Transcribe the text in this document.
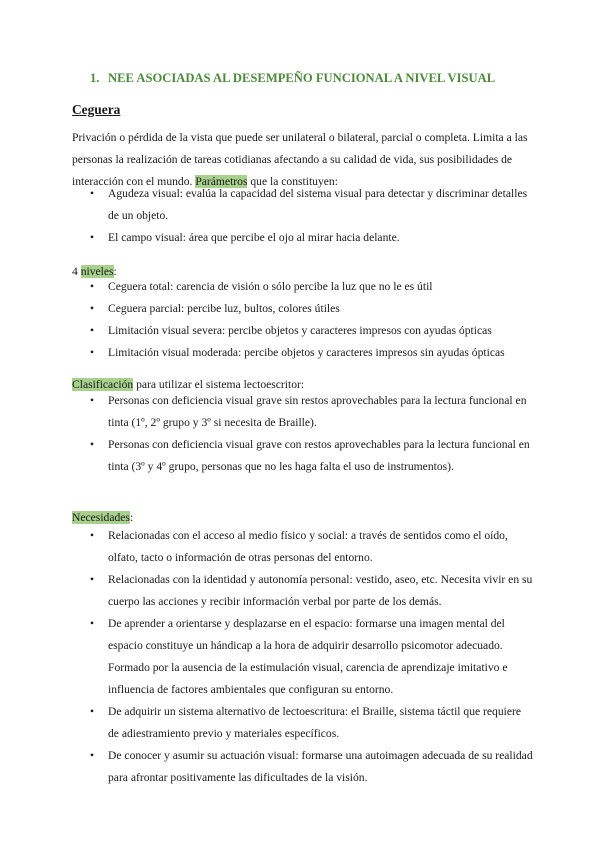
1. NEE ASOCIADAS AL DESEMPEÑO FUNCIONAL A NIVEL VISUAL
Ceguera

Privación o pérdida de la vista que puede ser unilateral o bilateral, parcial o completa. Limita a las personas la realización de tareas cotidianas afectando a su calidad de vida, sus posibilidades de interacción con el mundo. Parámetros que la constituyen:

• Agudeza visual: evalúa la capacidad del sistema visual para detectar y discriminar detalles de un objeto.
• El campo visual: área que percibe el ojo al mirar hacia delante.

4 niveles:

• Ceguera total: carencia de visión o sólo percibe la luz que no le es útil
• Ceguera parcial: percibe luz, bultos, colores útiles
• Limitación visual severa: percibe objetos y caracteres impresos con ayudas ópticas
• Limitación visual moderada: percibe objetos y caracteres impresos sin ayudas ópticas

Clasificación para utilizar el sistema lectoescritor:

• Personas con deficiencia visual grave sin restos aprovechables para la lectura funcional en tinta (1º, 2º grupo y 3º si necesita de Braille).
• Personas con deficiencia visual grave con restos aprovechables para la lectura funcional en tinta (3º y 4º grupo, personas que no les haga falta el uso de instrumentos).

Necesidades:

• Relacionadas con el acceso al medio físico y social: a través de sentidos como el oído, olfato, tacto o información de otras personas del entorno.
• Relacionadas con la identidad y autonomía personal: vestido, aseo, etc. Necesita vivir en su cuerpo las acciones y recibir información verbal por parte de los demás.
• De aprender a orientarse y desplazarse en el espacio: formarse una imagen mental del espacio constituye un hándicap a la hora de adquirir desarrollo psicomotor adecuado. Formado por la ausencia de la estimulación visual, carencia de aprendizaje imitativo e influencia de factores ambientales que configuran su entorno.
• De adquirir un sistema alternativo de lectoescritura: el Braille, sistema táctil que requiere de adiestramiento previo y materiales específicos.
• De conocer y asumir su actuación visual: formarse una autoimagen adecuada de su realidad para afrontar positivamente las dificultades de la visión.
